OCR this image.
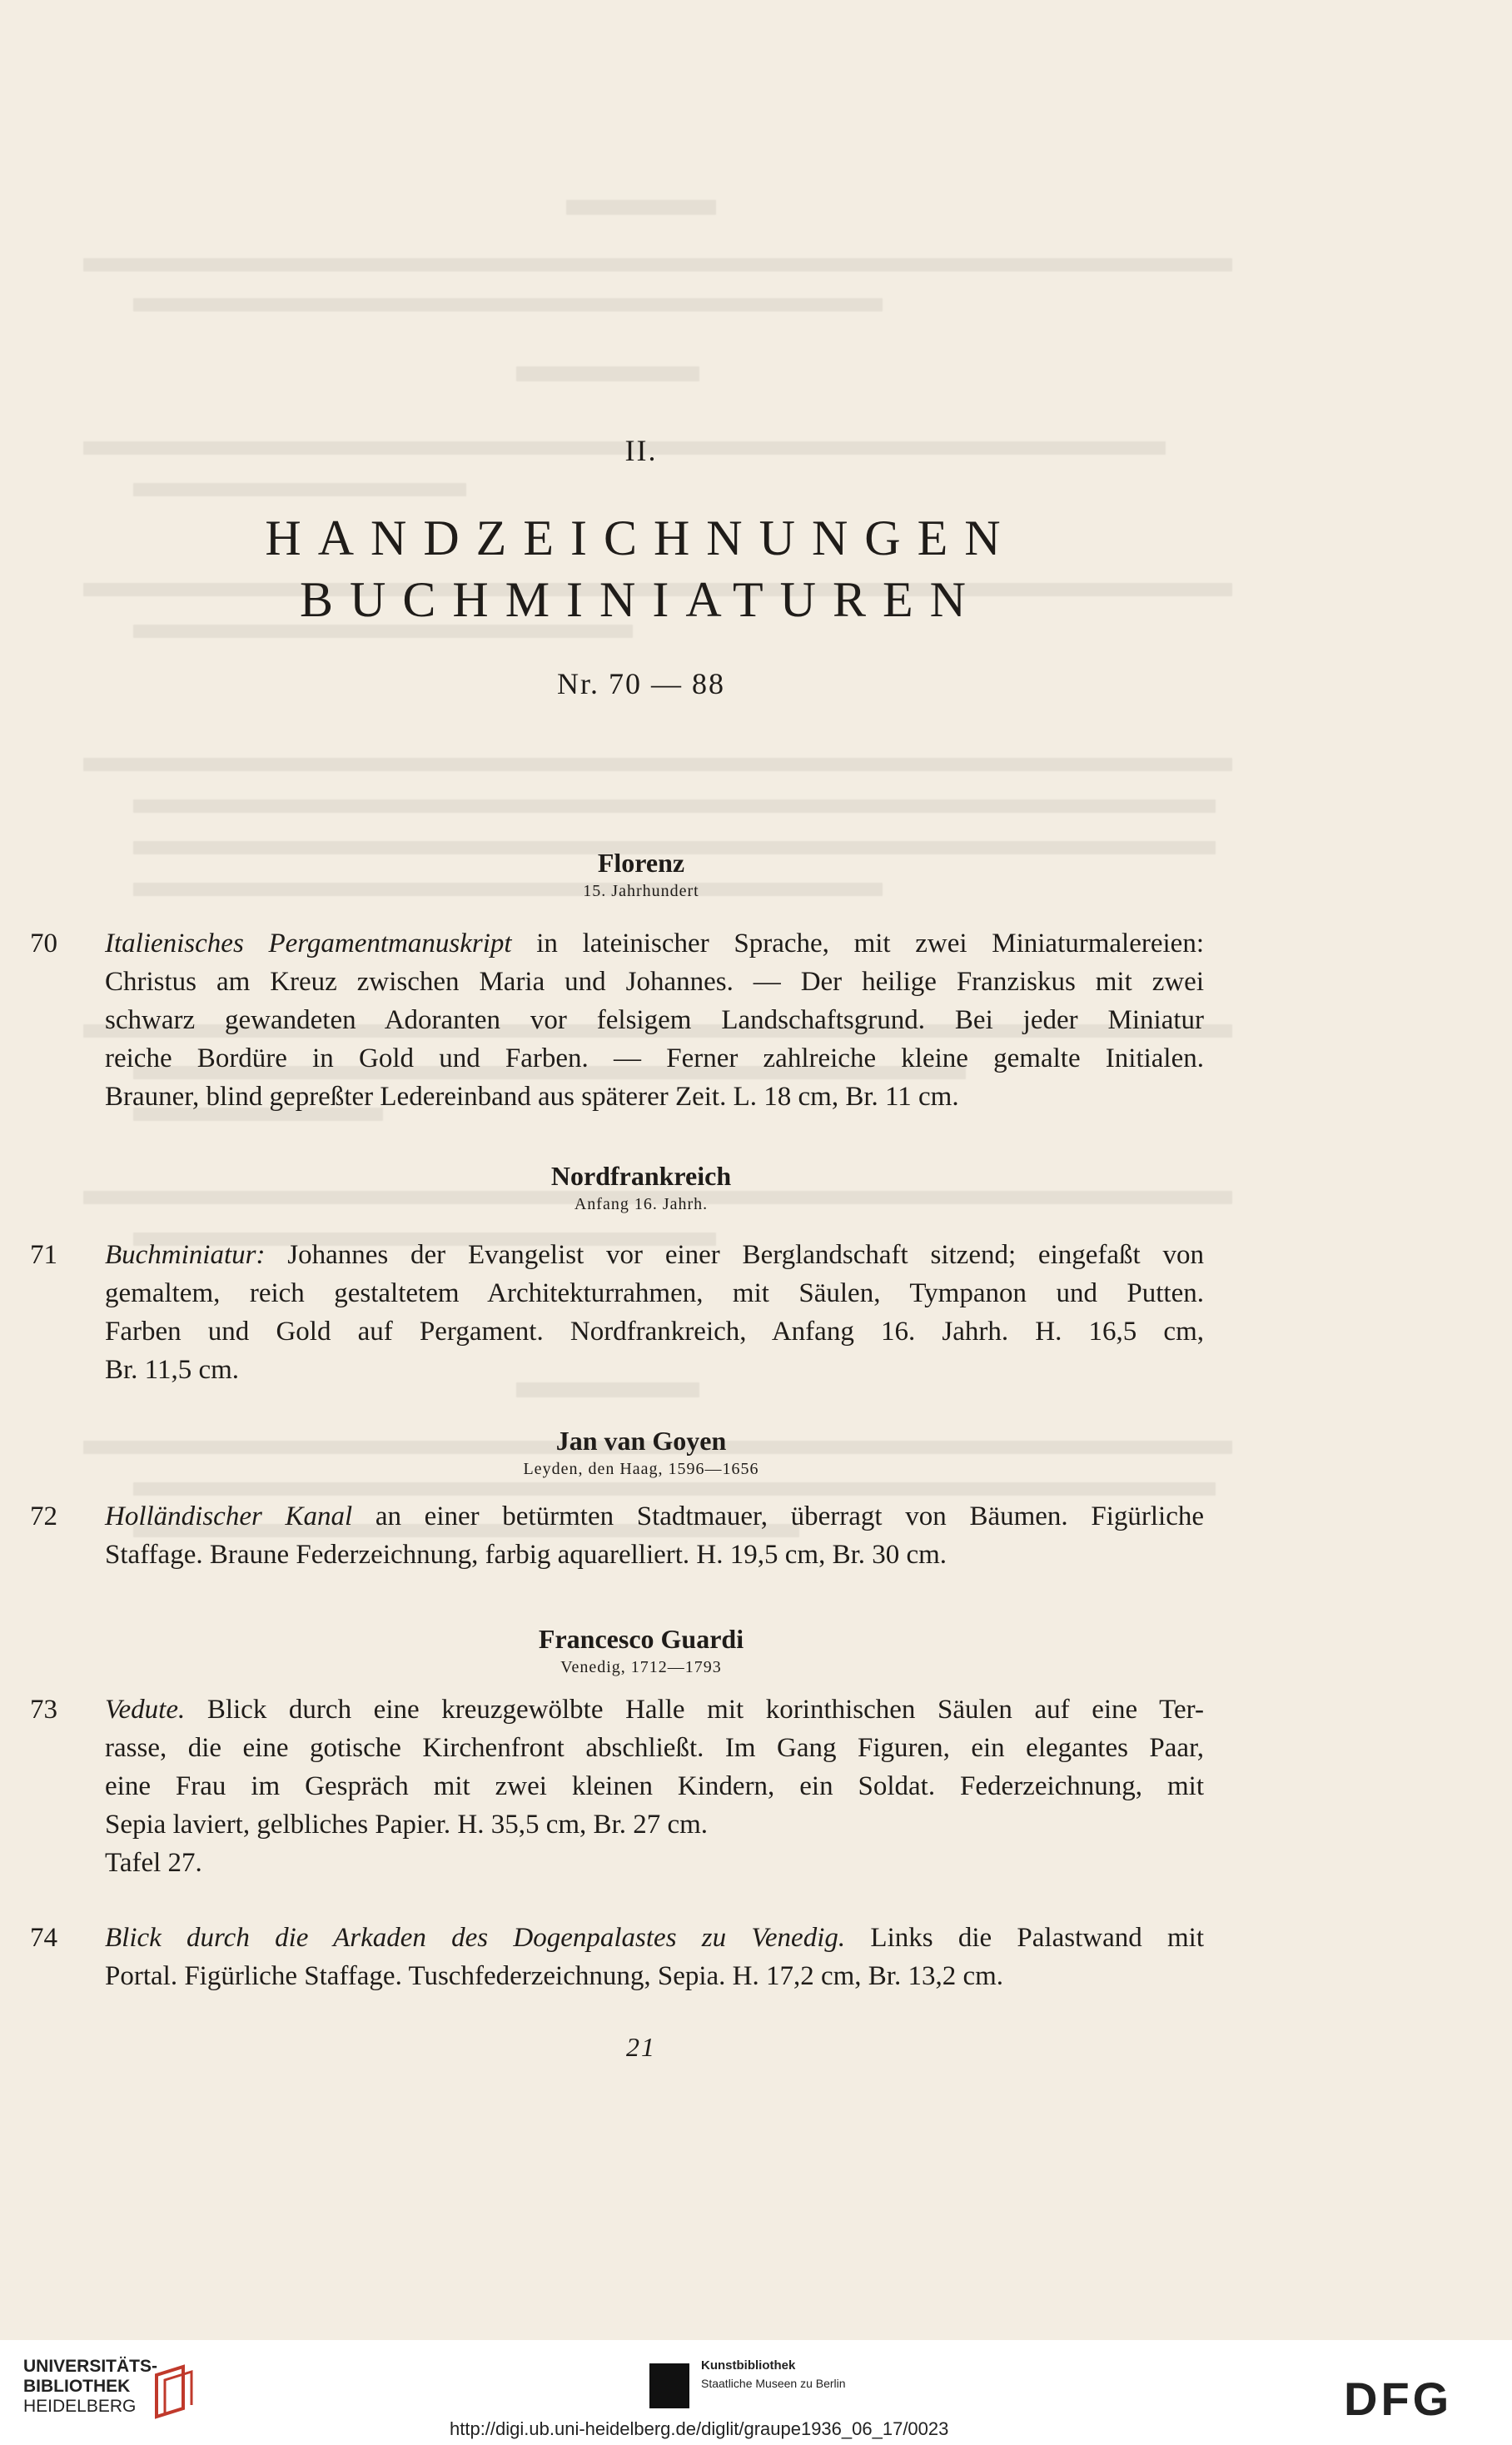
II.
HANDZEICHNUNGEN
BUCHMINIATUREN
Nr. 70 — 88
Florenz
15. Jahrhundert
70	Italienisches Pergamentmanuskript in lateinischer Sprache, mit zwei Miniaturmalereien:
Christus am Kreuz zwischen Maria und Johannes. — Der heilige Franziskus mit zwei
schwarz gewandeten Adoranten vor felsigem Landschaftsgrund. Bei jeder Miniatur
reiche Bordüre in Gold und Farben. — Ferner zahlreiche kleine gemalte Initialen.
Brauner, blind gepreßter Ledereinband aus späterer Zeit. L. 18 cm, Br. 11 cm.
Nordfrankreich
Anfang 16. Jahrh.
71	Buchminiatur: Johannes der Evangelist vor einer Berglandschaft sitzend; eingefaßt von
gemaltem, reich gestaltetem Architekturrahmen, mit Säulen, Tympanon und Putten.
Farben und Gold auf Pergament. Nordfrankreich, Anfang 16. Jahrh. H. 16,5 cm,
Br. 11,5 cm.
Jan van Goyen
Leyden, den Haag, 1596—1656
72	Holländischer Kanal an einer betürmten Stadtmauer, überragt von Bäumen. Figürliche
Staffage. Braune Federzeichnung, farbig aquarelliert. H. 19,5 cm, Br. 30 cm.
Francesco Guardi
Venedig, 1712—1793
73	Vedute. Blick durch eine kreuzgewölbte Halle mit korinthischen Säulen auf eine Ter-
rasse, die eine gotische Kirchenfront abschließt. Im Gang Figuren, ein elegantes Paar,
eine Frau im Gespräch mit zwei kleinen Kindern, ein Soldat. Federzeichnung, mit
Sepia laviert, gelbliches Papier. H. 35,5 cm, Br. 27 cm.
Tafel 27.
74	Blick durch die Arkaden des Dogenpalastes zu Venedig. Links die Palastwand mit
Portal. Figürliche Staffage. Tuschfederzeichnung, Sepia. H. 17,2 cm, Br. 13,2 cm.
21
UNIVERSITÄTS-
BIBLIOTHEK
HEIDELBERG
Kunstbibliothek
Staatliche Museen zu Berlin	DFG
http://digi.ub.uni-heidelberg.de/diglit/graupe1936_06_17/0023
